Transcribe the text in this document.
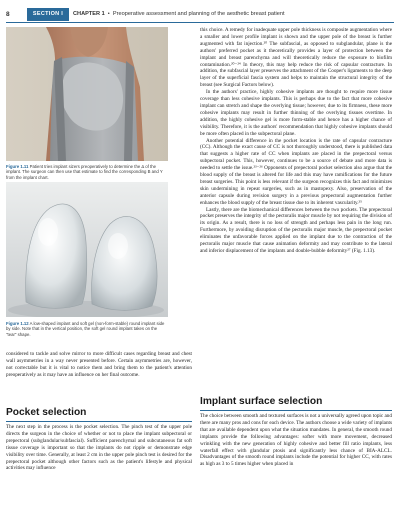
8	SECTION I	CHAPTER 1  •  Preoperative assessment and planning of the aesthetic breast patient
Figure 1.11 Patient tries implant sizers preoperatively to determine the Δ of the implant. The surgeon can then use that estimate to find the corresponding B and Y from the implant chart.
Figure 1.12 A low-shaped implant and soft gel (non-form-stable) round implant side by side. Note that in the vertical position, the soft gel round implant takes on the "tear" shape.

considered to tackle and solve mirror to more difficult cases regarding breast and chest wall asymmetries in a way never presented before. Certain asymmetries are, however, not correctable but it is vital to notice them and bring them to the patient's attention preoperatively as it may have an influence on her final outcome.

Pocket selection

The next step in the process is the pocket selection. The pinch test of the upper pole directs the surgeon in the choice of whether or not to place the implant subpectoral or prepectoral (subglandular/subfascial). Sufficient parenchymal and subcutaneous fat soft tissue coverage is important so that the implants do not ripple or demonstrate edge visibility over time. Generally, at least 2 cm in the upper pole pinch test is desired for the prepectoral pocket although other factors such as the patient's lifestyle and physical activities may influence

this choice. A remedy for inadequate upper pole thickness is composite augmentation where a smaller and lower profile implant is shown and the upper pole of the breast is further augmented with fat injection.²⁰ The subfascial, as opposed to subglandular, plane is the authors' preferred pocket as it theoretically provides a layer of protection between the implant and breast parenchyma and will theoretically reduce the exposure to biofilm contamination.²⁰⁻²⁴ In theory, this may help reduce the risk of capsular contracture. In addition, the subfascial layer preserves the attachment of the Cooper's ligaments to the deep layer of the superficial fascia system and helps to maintain the structural integrity of the breast (see Surgical Factors below).

In the authors' practice, highly cohesive implants are thought to require more tissue coverage than less cohesive implants. This is perhaps due to the fact that more cohesive implant can stretch and shape the overlying tissue; however, due to its firmness, these more cohesive implants may result in further thinning of the overlying tissues overtime. In addition, the highly cohesive gel is more form-stable and hence has a higher chance of visibility. Therefore, it is the authors' recommendation that highly cohesive implants should be more often placed in the subpectoral plane.

Another potential difference in the pocket location is the rate of capsular contracture (CC). Although the exact cause of CC is not thoroughly understood, there is published data that suggests a higher rate of CC when implants are placed in the prepectoral versus subpectoral pocket. This, however, continues to be a source of debate and more data is needed to settle the issue.²³⁻²⁶ Opponents of prepectoral pocket selection also argue that the blood supply of the breast is altered for life and this may have ramifications for the future breast surgeries. This point is less relevant if the surgeon recognizes this fact and minimizes skin undermining in repeat surgeries, such as in mastopexy. Also, preservation of the anterior capsule during revision surgery in a previous prepectoral augmentation further enhances the blood supply of the breast tissue due to its inherent vascularity.²⁵

Lastly, there are the biomechanical differences between the two pockets. The prepectoral pocket preserves the integrity of the pectoralis major muscle by not requiring the division of its origin. As a result, there is no loss of strength and perhaps less pain in the long run. Furthermore, by avoiding disruption of the pectoralis major muscle, the prepectoral pocket eliminates the unfavorable forces applied on the implant due to the contraction of the pectoralis major muscle that cause animation deformity and may contribute to the lateral and inferior displacement of the implants and double-bubble deformity²⁷ (Fig. 1.13).

Implant surface selection

The choice between smooth and textured surfaces is not a universally agreed upon topic and there are many pros and cons for each device. The authors choose a wide variety of implants that are available dependent upon what the situation mandates. In general, the smooth round implants provide the following advantages: softer with more movement, decreased wrinkling with the new generation of highly cohesive and better fill ratio implants, less waterfall effect with glandular ptosis and significantly less chance of BIA-ALCL. Disadvantages of the smooth round implants include the potential for higher CC, with rates as high as 3 to 5 times higher when placed in
